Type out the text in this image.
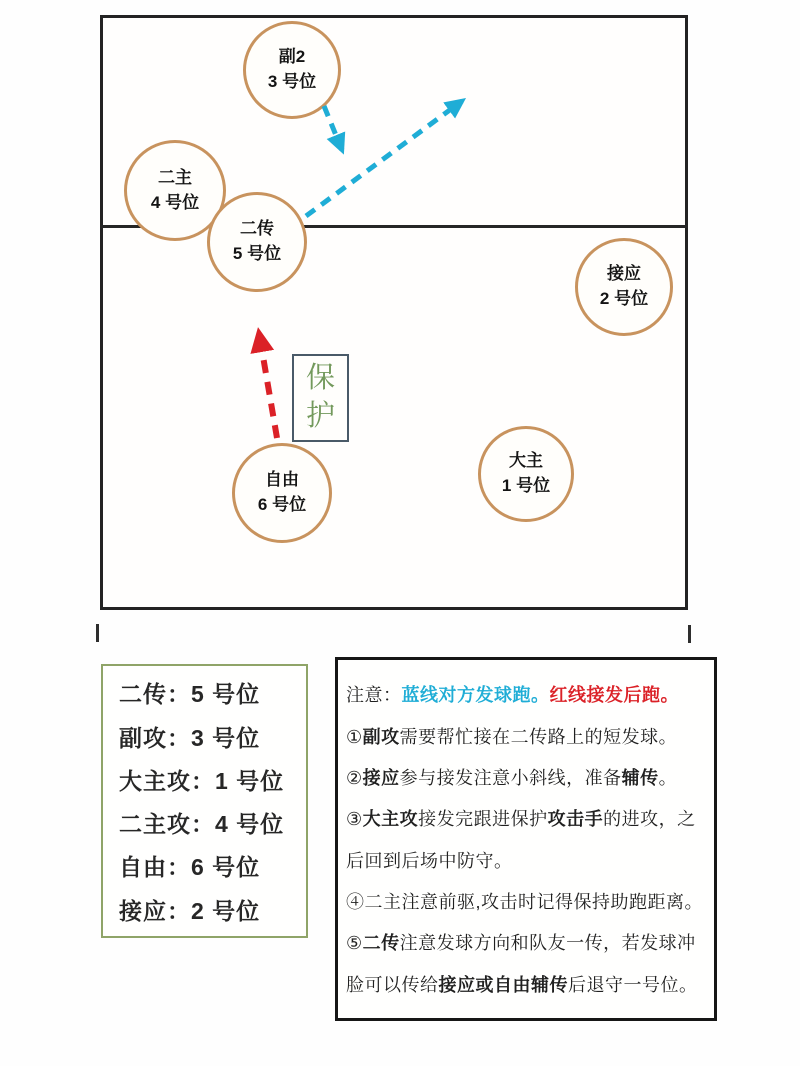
副2
3 号位
二主
4 号位
二传
5 号位
接应
2 号位
大主
1 号位
自由
6 号位
保护
二传：5 号位
副攻：3 号位
大主攻：1 号位
二主攻：4 号位
自由：6 号位
接应：2 号位
注意：蓝线对方发球跑。红线接发后跑。
①副攻需要帮忙接在二传路上的短发球。
②接应参与接发注意小斜线，准备辅传。
③大主攻接发完跟进保护攻击手的进攻，之
后回到后场中防守。
④二主注意前驱,攻击时记得保持助跑距离。
⑤二传注意发球方向和队友一传，若发球冲
脸可以传给接应或自由辅传后退守一号位。
